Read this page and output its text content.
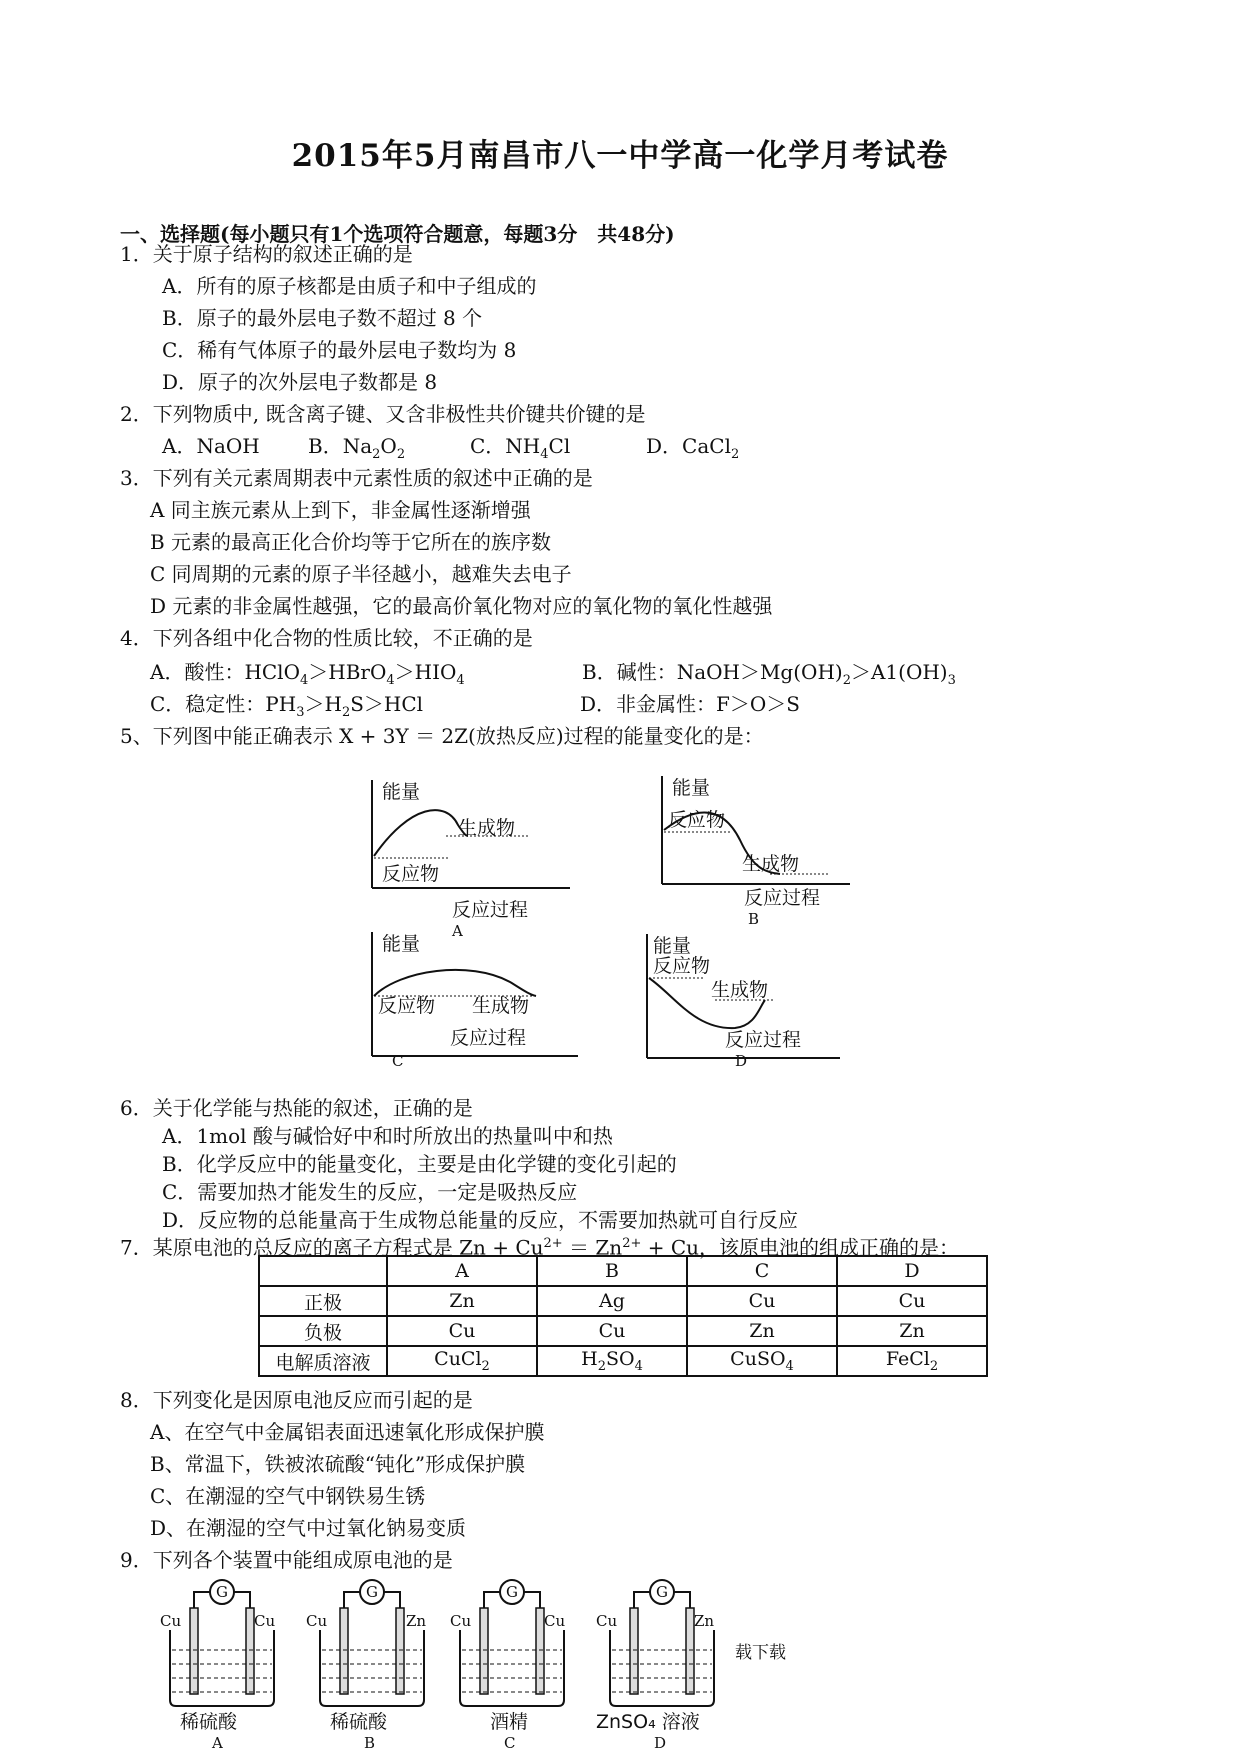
2015年5月南昌市八一中学高一化学月考试卷
一、选择题(每小题只有1个选项符合题意，每题3分　共48分)
1．关于原子结构的叙述正确的是
A．所有的原子核都是由质子和中子组成的
B．原子的最外层电子数不超过 8 个
C．稀有气体原子的最外层电子数均为 8
D．原子的次外层电子数都是 8
2．下列物质中, 既含离子键、又含非极性共价键共价键的是
A．NaOH B．$Na_2O_2$	C．$NH_4Cl$	D．CaCl$_2$
3．下列有关元素周期表中元素性质的叙述中正确的是
A 同主族元素从上到下，非金属性逐渐增强
B 元素的最高正化合价均等于它所在的族序数
C 同周期的元素的原子半径越小，越难失去电子
D 元素的非金属性越强，它的最高价氧化物对应的氧化物的氧化性越强
4．下列各组中化合物的性质比较，不正确的是
A．酸性：$HClO_4>HBrO_4>HIO_4$	B．碱性：$NaOH>Mg(OH)_2>A1(OH)_3$
C．稳定性：$PH_3>H_2S>HCl$	D．非金属性：F＞O＞S
5、下列图中能正确表示 X + 3Y ＝ 2Z(放热反应)过程的能量变化的是：
能量
生成物
反应物
反应过程
A
能量
反应物
生成物
反应过程
B
能量
反应物 生成物
反应过程
C
能量
反应物
生成物
反应过程
D
6．关于化学能与热能的叙述，正确的是
A．1mol 酸与碱恰好中和时所放出的热量叫中和热
B．化学反应中的能量变化，主要是由化学键的变化引起的
C．需要加热才能发生的反应，一定是吸热反应
D．反应物的总能量高于生成物总能量的反应，不需要加热就可自行反应
7．某原电池的总反应的离子方程式是 $Zn + Cu^{2+} = Zn^{2+} + Cu$，该原电池的组成正确的是：
	A	B	C	D
正极	Zn	Ag	Cu	Cu
负极	Cu	Cu	Zn	Zn
电解质溶液	CuCl$_2$	$H_2SO_4$	CuSO$_4$	FeCl$_2$
8．下列变化是因原电池反应而引起的是
A、在空气中金属铝表面迅速氧化形成保护膜
B、常温下，铁被浓硫酸“钝化”形成保护膜
C、在潮湿的空气中钢铁易生锈
D、在潮湿的空气中过氧化钠易变质
9．下列各个装置中能组成原电池的是
G
Cu	Cu
稀硫酸
A
G
Cu	Zn
稀硫酸
B
G
Cu	Cu
酒精
C
G
Cu	Zn
ZnSO₄ 溶液
D
载下载
